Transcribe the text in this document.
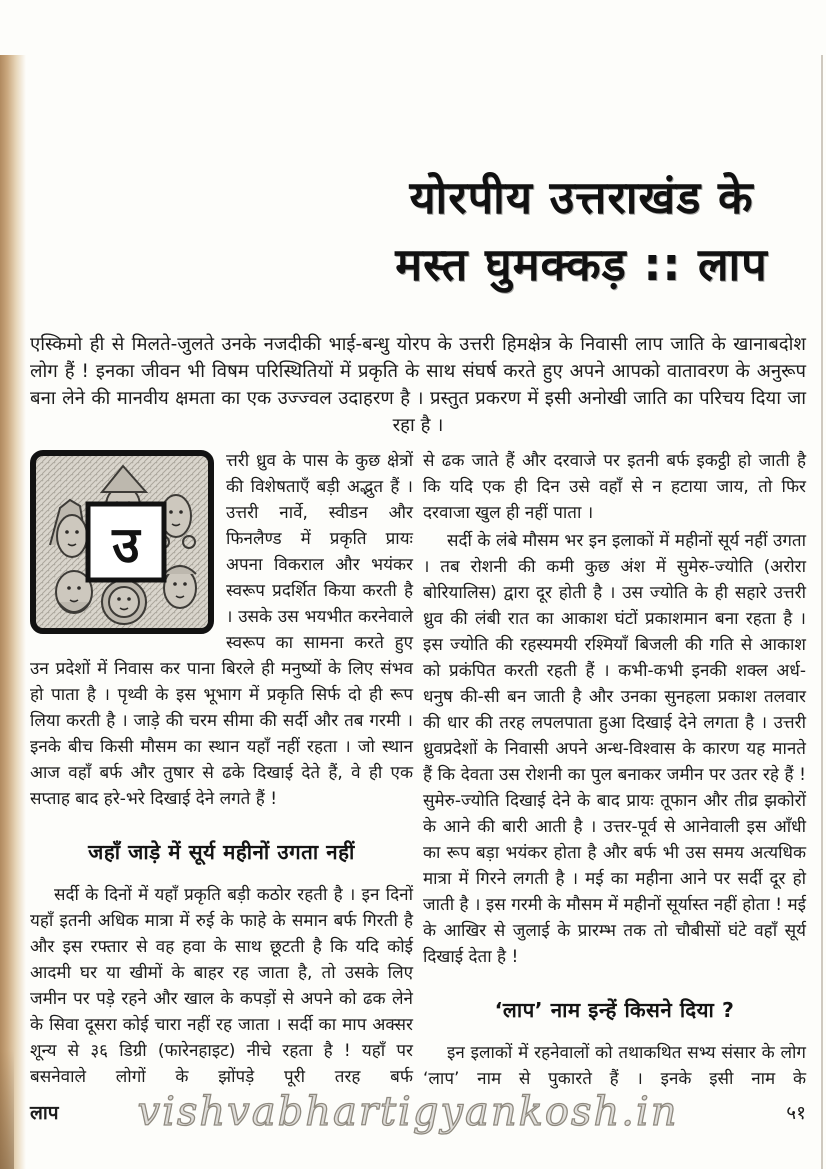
योरपीय उत्तराखंड के
मस्त घुमक्कड़ :: लाप

एस्किमो ही से मिलते-जुलते उनके नजदीकी भाई-बन्धु योरप के उत्तरी हिमक्षेत्र के निवासी लाप जाति के खानाबदोश लोग हैं ! इनका जीवन भी विषम परिस्थितियों में प्रकृति के साथ संघर्ष करते हुए अपने आपको वातावरण के अनुरूप बना लेने की मानवीय क्षमता का एक उज्ज्वल उदाहरण है । प्रस्तुत प्रकरण में इसी अनोखी जाति का परिचय दिया जा रहा है ।

उ

त्तरी ध्रुव के पास के कुछ क्षेत्रों की विशेषताएँ बड़ी अद्भुत हैं । उत्तरी नार्वे, स्वीडन और फिनलैण्ड में प्रकृति प्रायः अपना विकराल और भयंकर स्वरूप प्रदर्शित किया करती है । उसके उस भयभीत करनेवाले स्वरूप का सामना करते हुए उन प्रदेशों में निवास कर पाना बिरले ही मनुष्यों के लिए संभव हो पाता है । पृथ्वी के इस भूभाग में प्रकृति सिर्फ दो ही रूप लिया करती है । जाड़े की चरम सीमा की सर्दी और तब गरमी । इनके बीच किसी मौसम का स्थान यहाँ नहीं रहता । जो स्थान आज वहाँ बर्फ और तुषार से ढके दिखाई देते हैं, वे ही एक सप्ताह बाद हरे-भरे दिखाई देने लगते हैं !

जहाँ जाड़े में सूर्य महीनों उगता नहीं

सर्दी के दिनों में यहाँ प्रकृति बड़ी कठोर रहती है । इन दिनों यहाँ इतनी अधिक मात्रा में रुई के फाहे के समान बर्फ गिरती है और इस रफ्तार से वह हवा के साथ छूटती है कि यदि कोई आदमी घर या खीमों के बाहर रह जाता है, तो उसके लिए जमीन पर पड़े रहने और खाल के कपड़ों से अपने को ढक लेने के सिवा दूसरा कोई चारा नहीं रह जाता । सर्दी का माप अक्सर शून्य से ३६ डिग्री (फारेनहाइट) नीचे रहता है ! यहाँ पर बसनेवाले लोगों के झोंपड़े पूरी तरह बर्फ

से ढक जाते हैं और दरवाजे पर इतनी बर्फ इकट्ठी हो जाती है कि यदि एक ही दिन उसे वहाँ से न हटाया जाय, तो फिर दरवाजा खुल ही नहीं पाता ।

सर्दी के लंबे मौसम भर इन इलाकों में महीनों सूर्य नहीं उगता । तब रोशनी की कमी कुछ अंश में सुमेरु-ज्योति (अरोरा बोरियालिस) द्वारा दूर होती है । उस ज्योति के ही सहारे उत्तरी ध्रुव की लंबी रात का आकाश घंटों प्रकाशमान बना रहता है । इस ज्योति की रहस्यमयी रश्मियाँ बिजली की गति से आकाश को प्रकंपित करती रहती हैं । कभी-कभी इनकी शक्ल अर्ध-धनुष की-सी बन जाती है और उनका सुनहला प्रकाश तलवार की धार की तरह लपलपाता हुआ दिखाई देने लगता है । उत्तरी ध्रुवप्रदेशों के निवासी अपने अन्ध-विश्वास के कारण यह मानते हैं कि देवता उस रोशनी का पुल बनाकर जमीन पर उतर रहे हैं ! सुमेरु-ज्योति दिखाई देने के बाद प्रायः तूफान और तीव्र झकोरों के आने की बारी आती है । उत्तर-पूर्व से आनेवाली इस आँधी का रूप बड़ा भयंकर होता है और बर्फ भी उस समय अत्यधिक मात्रा में गिरने लगती है । मई का महीना आने पर सर्दी दूर हो जाती है । इस गरमी के मौसम में महीनों सूर्यास्त नहीं होता ! मई के आखिर से जुलाई के प्रारम्भ तक तो चौबीसों घंटे वहाँ सूर्य दिखाई देता है !

‘लाप’ नाम इन्हें किसने दिया ?

इन इलाकों में रहनेवालों को तथाकथित सभ्य संसार के लोग ‘लाप’ नाम से पुकारते हैं । इनके इसी नाम के

लाप	vishvabhartigyankosh.in	५१
